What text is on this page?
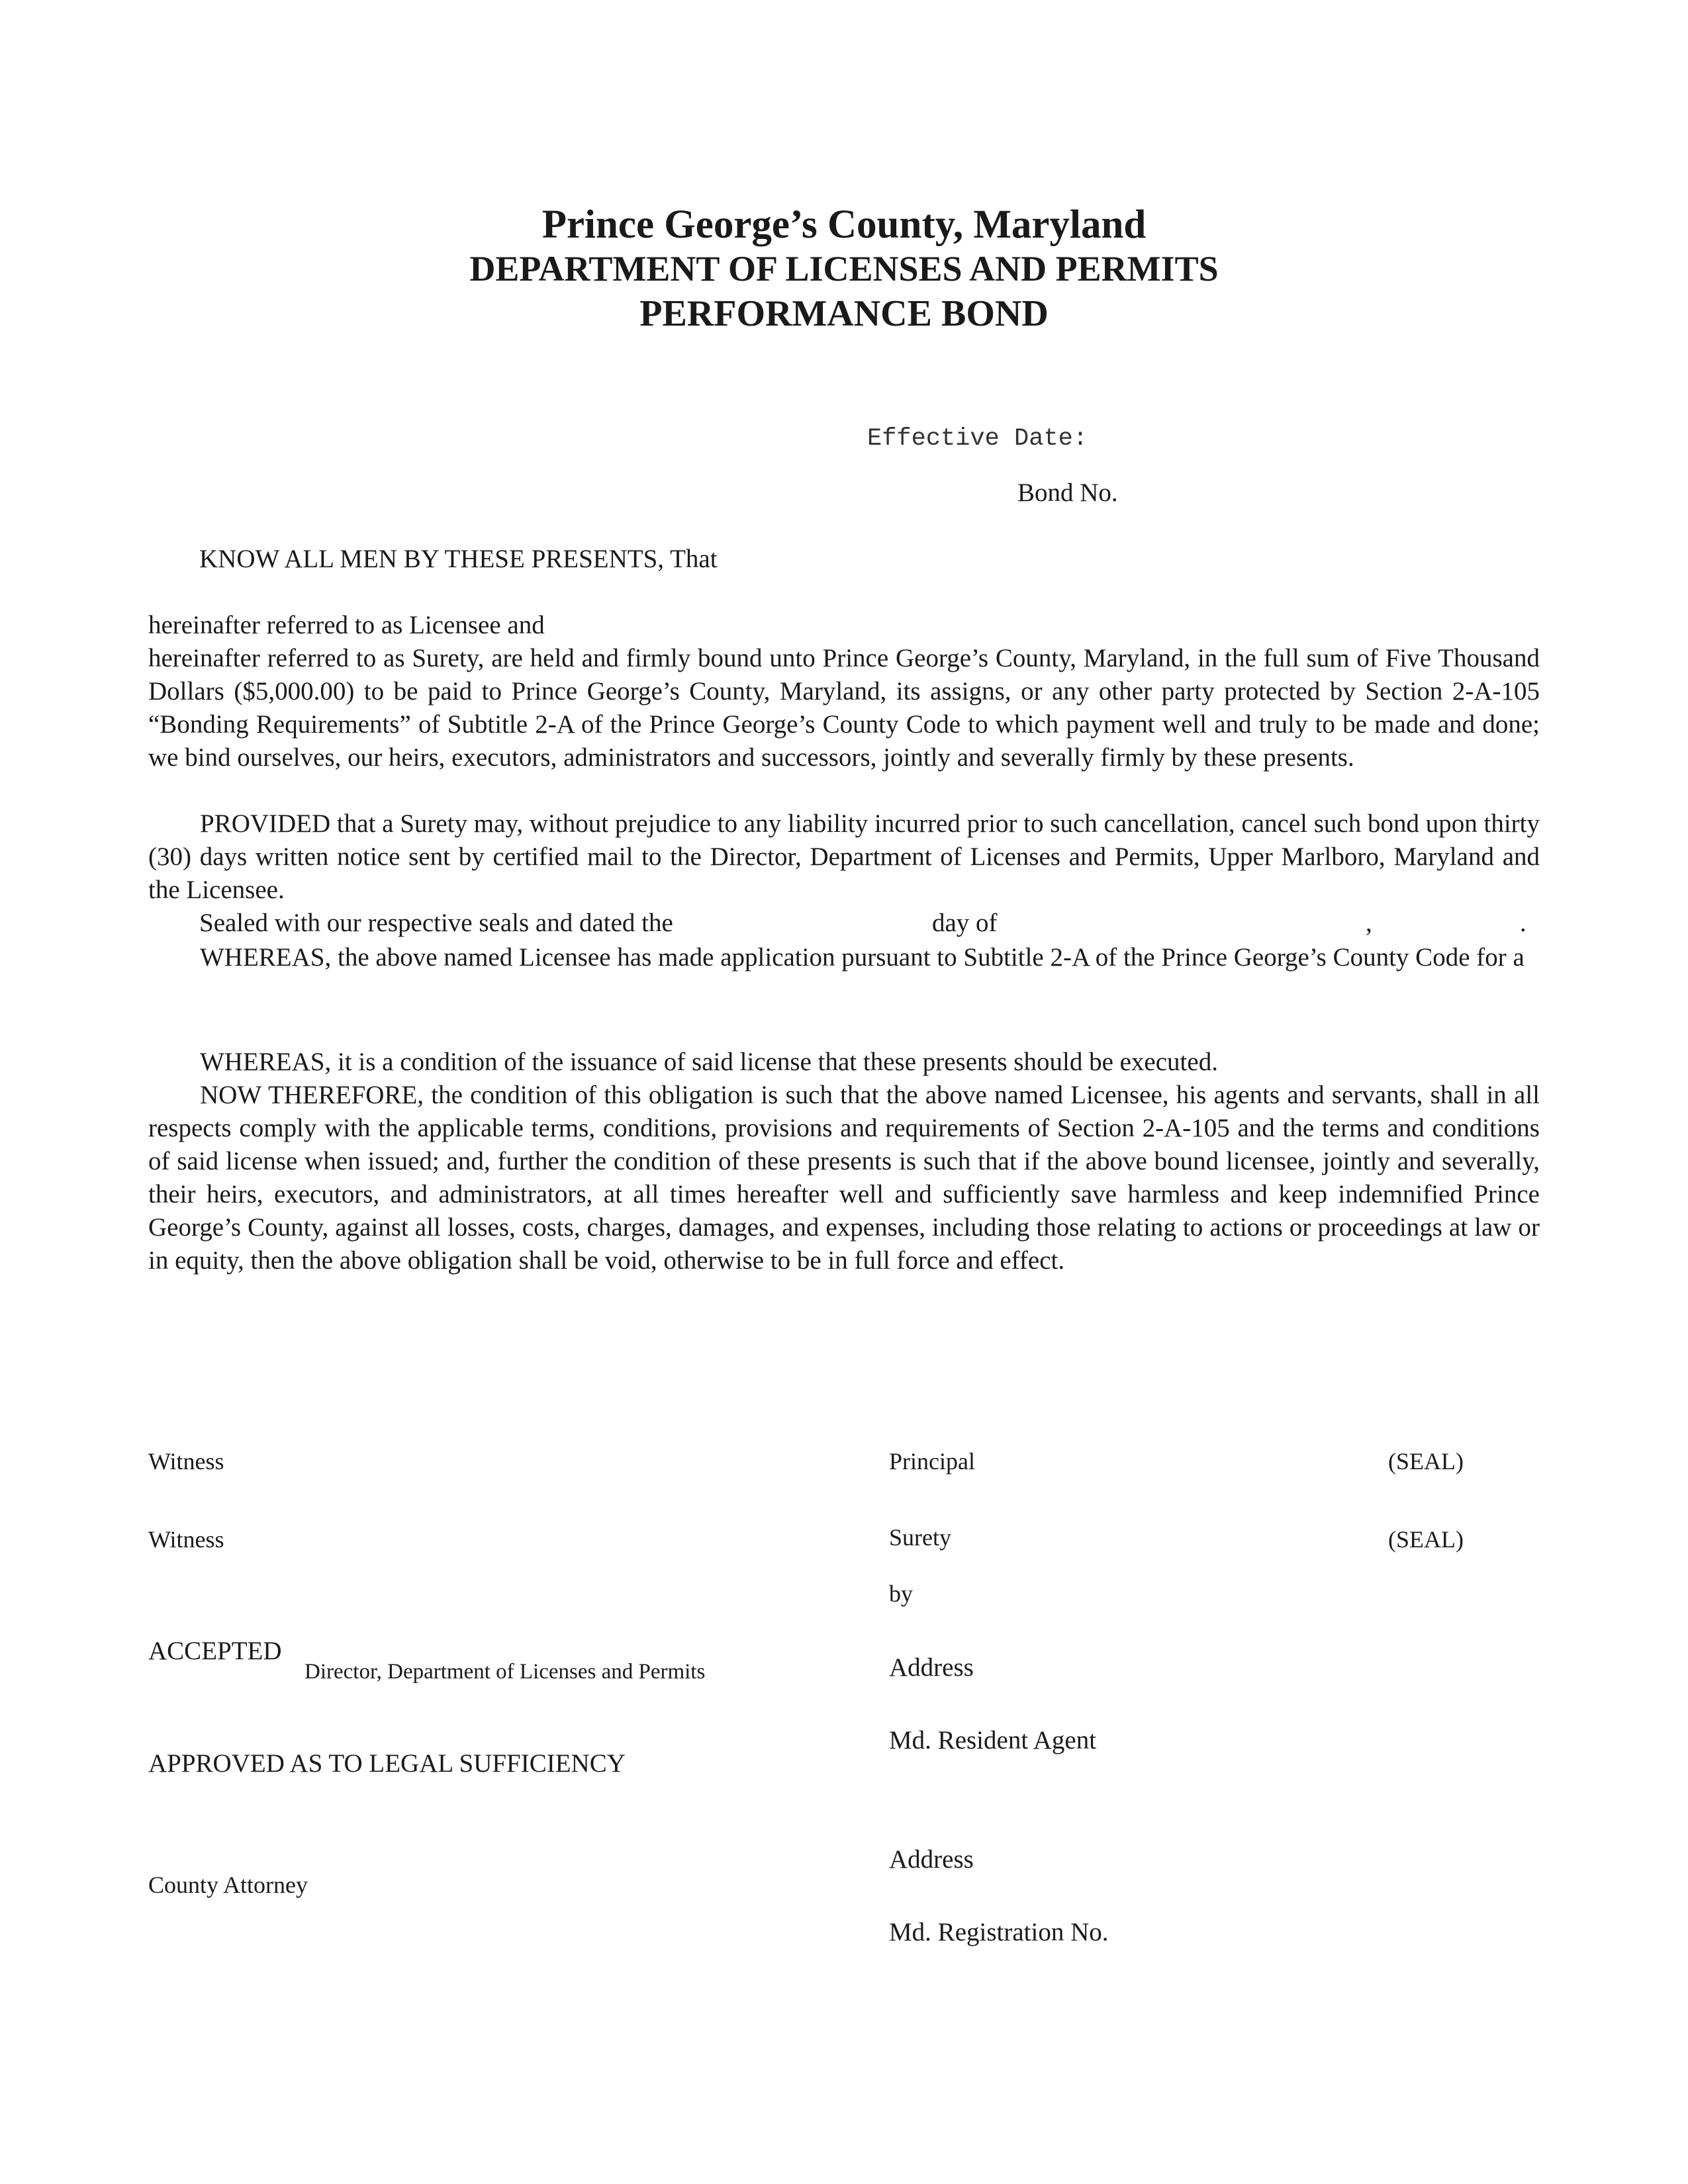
Prince George’s County, Maryland
DEPARTMENT OF LICENSES AND PERMITS
PERFORMANCE BOND
Effective Date:
Bond No.
KNOW ALL MEN BY THESE PRESENTS, That
hereinafter referred to as Licensee and

hereinafter referred to as Surety, are held and firmly bound unto Prince George’s County, Maryland, in the full sum of Five Thousand Dollars ($5,000.00) to be paid to Prince George’s County, Maryland, its assigns, or any other party protected by Section 2-A-105 “Bonding Requirements” of Subtitle 2-A of the Prince George’s County Code to which payment well and truly to be made and done; we bind ourselves, our heirs, executors, administrators and successors, jointly and severally firmly by these presents.

PROVIDED that a Surety may, without prejudice to any liability incurred prior to such cancellation, cancel such bond upon thirty (30) days written notice sent by certified mail to the Director, Department of Licenses and Permits, Upper Marlboro, Maryland and the Licensee.

Sealed with our respective seals and dated the	day of	,	.

WHEREAS, the above named Licensee has made application pursuant to Subtitle 2-A of the Prince George’s County Code for a

WHEREAS, it is a condition of the issuance of said license that these presents should be executed.

NOW THEREFORE, the condition of this obligation is such that the above named Licensee, his agents and servants, shall in all respects comply with the applicable terms, conditions, provisions and requirements of Section 2-A-105 and the terms and conditions of said license when issued; and, further the condition of these presents is such that if the above bound licensee, jointly and severally, their heirs, executors, and administrators, at all times hereafter well and sufficiently save harmless and keep indemnified Prince George’s County, against all losses, costs, charges, damages, and expenses, including those relating to actions or proceedings at law or in equity, then the above obligation shall be void, otherwise to be in full force and effect.

Witness	Principal	(SEAL)
Witness	Surety	(SEAL)
by
ACCEPTED
Director, Department of Licenses and Permits	Address
Md. Resident Agent
APPROVED AS TO LEGAL SUFFICIENCY
Address
County Attorney
Md. Registration No.
